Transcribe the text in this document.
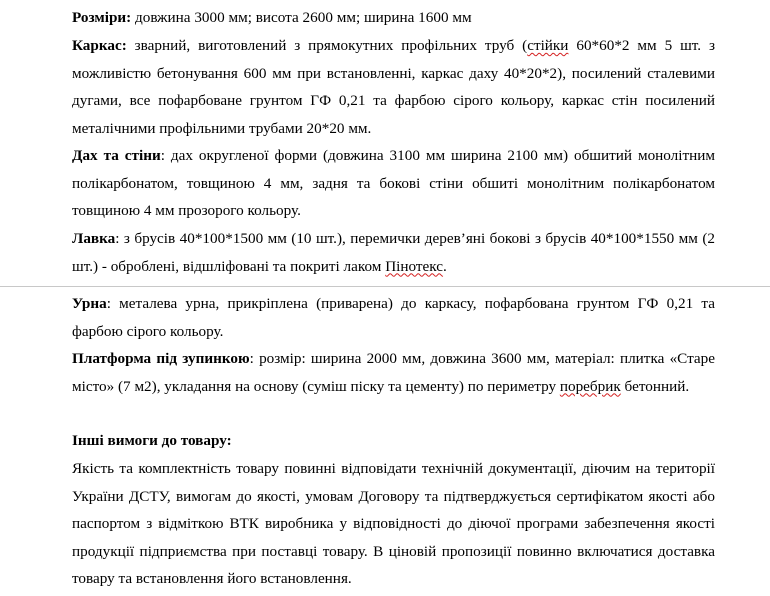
Розміри: довжина 3000 мм; висота 2600 мм; ширина 1600 мм

Каркас: зварний, виготовлений з прямокутних профільних труб (стійки 60*60*2 мм 5 шт. з можливістю бетонування 600 мм при встановленні, каркас даху 40*20*2), посилений сталевими дугами, все пофарбоване грунтом ГФ 0,21 та фарбою сірого кольору, каркас стін посилений металічними профільними трубами 20*20 мм.

Дах та стіни: дах округленої форми (довжина 3100 мм ширина 2100 мм) обшитий монолітним полікарбонатом, товщиною 4 мм, задня та бокові стіни обшиті монолітним полікарбонатом товщиною 4 мм прозорого кольору.

Лавка: з брусів 40*100*1500 мм (10 шт.), перемички дерев’яні бокові з брусів 40*100*1550 мм (2 шт.) - оброблені, відшліфовані та покриті лаком Пінотекс.

Урна: металева урна, прикріплена (приварена) до каркасу, пофарбована грунтом ГФ 0,21 та фарбою сірого кольору.

Платформа під зупинкою: розмір: ширина 2000 мм, довжина 3600 мм, матеріал: плитка «Старе місто» (7 м2), укладання на основу (суміш піску та цементу) по периметру поребрик бетонний.

Інші вимоги до товару:

Якість та комплектність товару повинні відповідати технічній документації, діючим на території України ДСТУ, вимогам до якості, умовам Договору та підтверджується сертифікатом якості або паспортом з відміткою ВТК виробника у відповідності до діючої програми забезпечення якості продукції підприємства при поставці товару. В ціновій пропозиції повинно включатися доставка товару та встановлення його встановлення.
